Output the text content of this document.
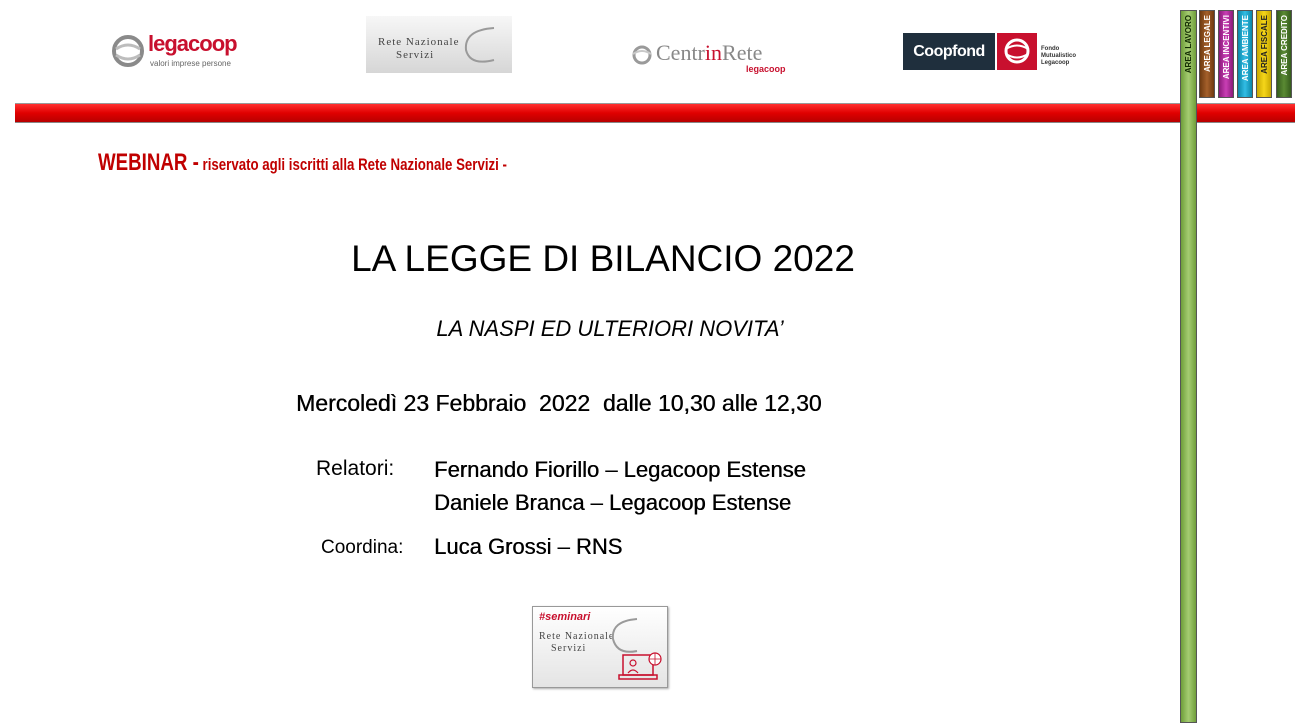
legacoop
valori imprese persone
Rete Nazionale
Servizi	CentrinRete
legacoop
Coopfond	Fondo
Mutualistico
Legacoop	AREA LAVORO AREA LEGALE AREA INCENTIVI AREA AMBIENTE AREA FISCALE AREA CREDITO
WEBINAR - riservato agli iscritti alla Rete Nazionale Servizi -
LA LEGGE DI BILANCIO 2022
LA NASPI ED ULTERIORI NOVITA’
Mercoledì 23 Febbraio  2022  dalle 10,30 alle 12,30
Relatori: Fernando Fiorillo – Legacoop Estense
Daniele Branca – Legacoop Estense
Coordina: Luca Grossi – RNS
#seminari
Rete Nazionale
Servizi
